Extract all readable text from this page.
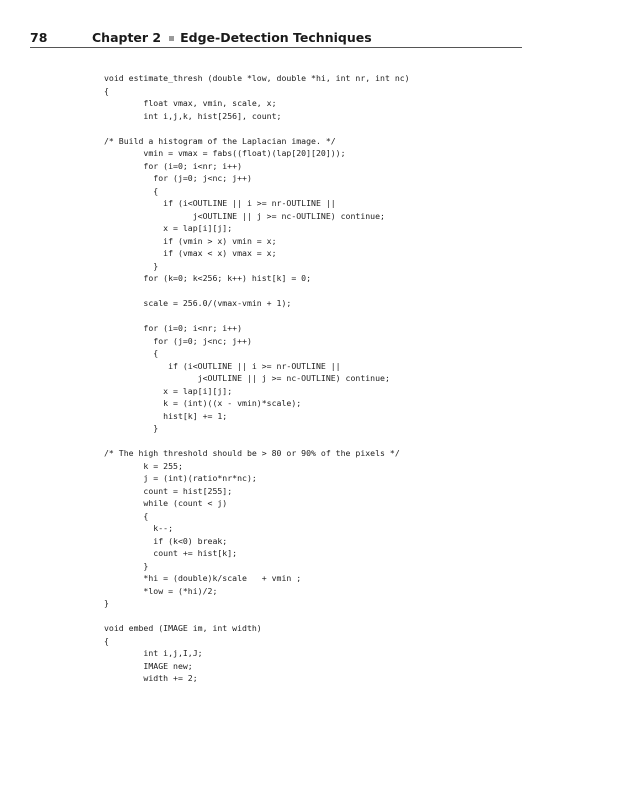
78	Chapter 2 Edge-Detection Techniques
void estimate_thresh (double *low, double *hi, int nr, int nc)
{
float vmax, vmin, scale, x;
int i,j,k, hist[256], count;
/* Build a histogram of the Laplacian image. */
vmin = vmax = fabs((float)(lap[20][20]));
for (i=0; i<nr; i++)
for (j=0; j<nc; j++)
{
if (i<OUTLINE || i >= nr-OUTLINE ||
j<OUTLINE || j >= nc-OUTLINE) continue;
x = lap[i][j];
if (vmin > x) vmin = x;
if (vmax < x) vmax = x;
}
for (k=0; k<256; k++) hist[k] = 0;
scale = 256.0/(vmax-vmin + 1);
for (i=0; i<nr; i++)
for (j=0; j<nc; j++)
{
if (i<OUTLINE || i >= nr-OUTLINE ||
j<OUTLINE || j >= nc-OUTLINE) continue;
x = lap[i][j];
k = (int)((x - vmin)*scale);
hist[k] += 1;
}
/* The high threshold should be > 80 or 90% of the pixels */
k = 255;
j = (int)(ratio*nr*nc);
count = hist[255];
while (count < j)
{
k--;
if (k<0) break;
count += hist[k];
}
*hi = (double)k/scale   + vmin ;
*low = (*hi)/2;
}
void embed (IMAGE im, int width)
{
int i,j,I,J;
IMAGE new;
width += 2;
